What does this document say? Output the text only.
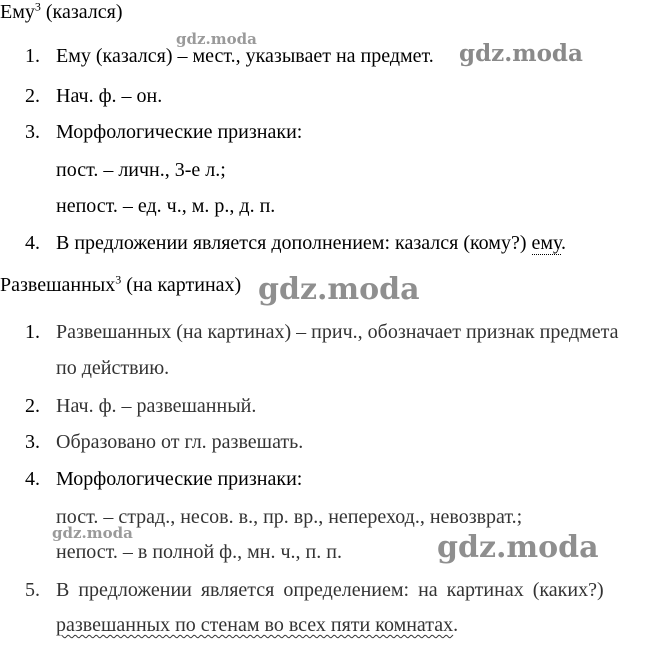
Ему$^3$ (казался)
1. Ему (казался) – мест., указывает на предмет.
2. Нач. ф. – он.
3. Морфологические признаки:
пост. – личн., 3-е л.;
непост. – ед. ч., м. р., д. п.
4. В предложении является дополнением: казался (кому?) ему.
Развешанных$^3$ (на картинах)
1. Развешанных (на картинах) – прич., обозначает признак предмета
по действию.
2. Нач. ф. – развешанный.
3. Образовано от гл. развешать.
4. Морфологические признаки:
пост. – страд., несов. в., пр. вр., непереход., невозврат.;
непост. – в полной ф., мн. ч., п. п.
5. В предложении является определением: на картинах (каких?)
развешанных по стенам во всех пяти комнатах.
gdz.moda
gdz.moda
gdz.moda
gdz.moda	gdz.moda
